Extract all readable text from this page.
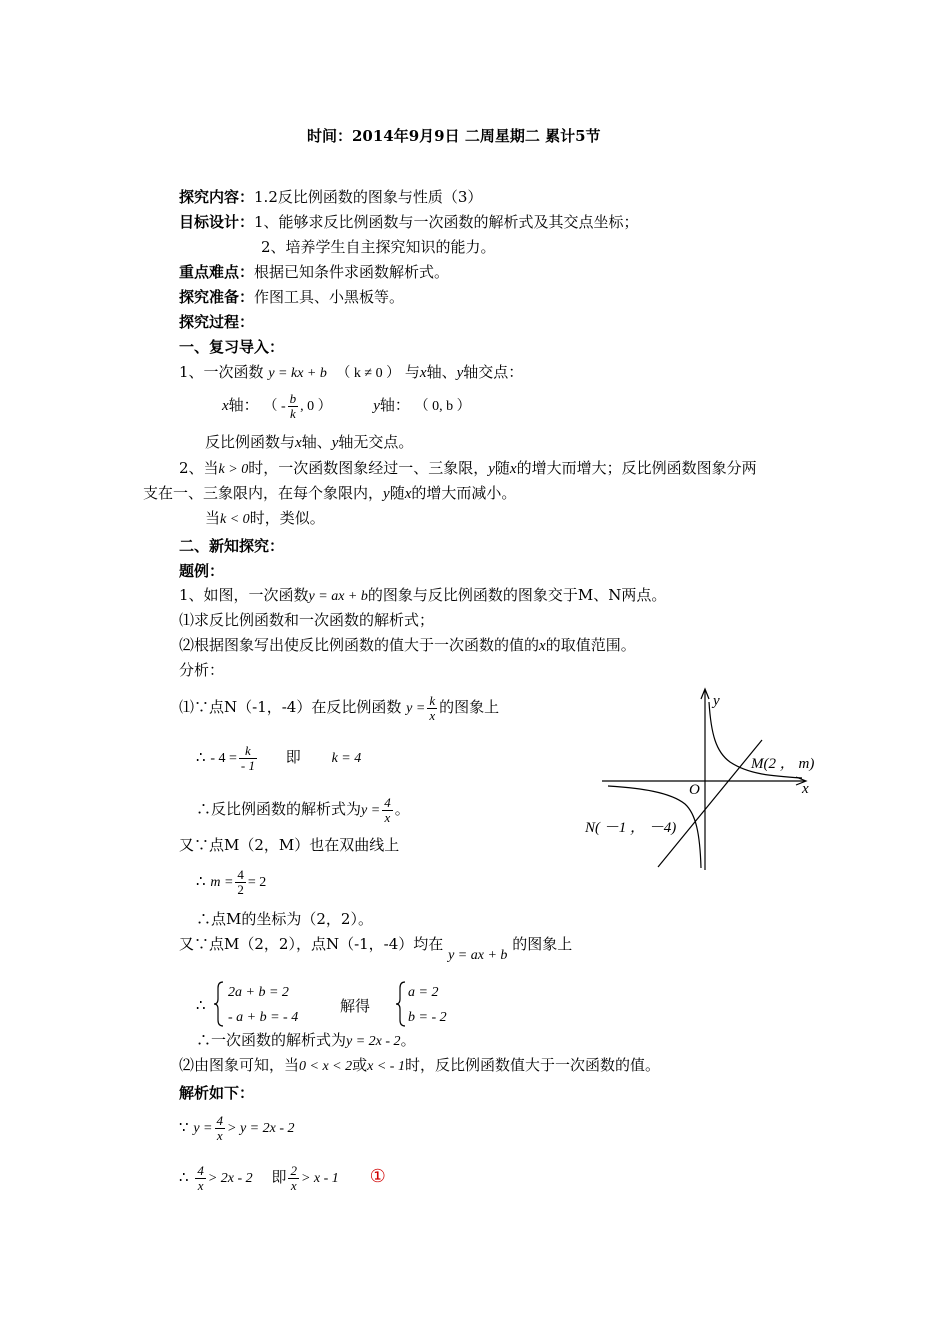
时间：2014年9月9日 二周星期二 累计5节
探究内容：1.2反比例函数的图象与性质（3）
目标设计：1、能够求反比例函数与一次函数的解析式及其交点坐标；
2、培养学生自主探究知识的能力。
重点难点：根据已知条件求函数解析式。
探究准备：作图工具、小黑板等。
探究过程：
一、复习导入：
1、一次函数 y = kx + b （ k ≠ 0 ） 与x轴、y轴交点：
x轴： （ - $\frac{b}{k}$ , 0 ）	y轴： （ 0, b ）
反比例函数与x轴、y轴无交点。
2、当k > 0时，一次函数图象经过一、三象限，y随x的增大而增大；反比例函数图象分两
支在一、三象限内，在每个象限内，y随x的增大而减小。
当k < 0时，类似。
二、新知探究：
题例：
1、如图，一次函数y = ax + b的图象与反比例函数的图象交于M、N两点。
⑴求反比例函数和一次函数的解析式；
⑵根据图象写出使反比例函数的值大于一次函数的值的x的取值范围。
分析：
⑴∵点N（-1，-4）在反比例函数 $y = \frac{k}{x}$ 的图象上
∴ - $4 = \frac{k}{- 1}$ 即 k = 4
∴反比例函数的解析式为$y = \frac{4}{x}$ 。
又∵点M（2，M）也在双曲线上
∴ $m = \frac{4}{2} = 2$
∴点M的坐标为（2，2）。
又∵点M（2，2），点N（-1，-4）均在 y = ax + b 的图象上
∴
2a + b = 2
- a + b = - 4
解得
a = 2
b = - 2
∴一次函数的解析式为y = 2x - 2。
⑵由图象可知，当0 < x < 2或x < - 1时，反比例函数值大于一次函数的值。
解析如下：
∵ $y = \frac{4}{x} > y = 2x - 2$
∴ $\frac{4}{x} > 2x - 2$ 即 $\frac{2}{x} > x - 1$ ①
y
x
O
M(2 ， m)
N( －1 ， －4)
